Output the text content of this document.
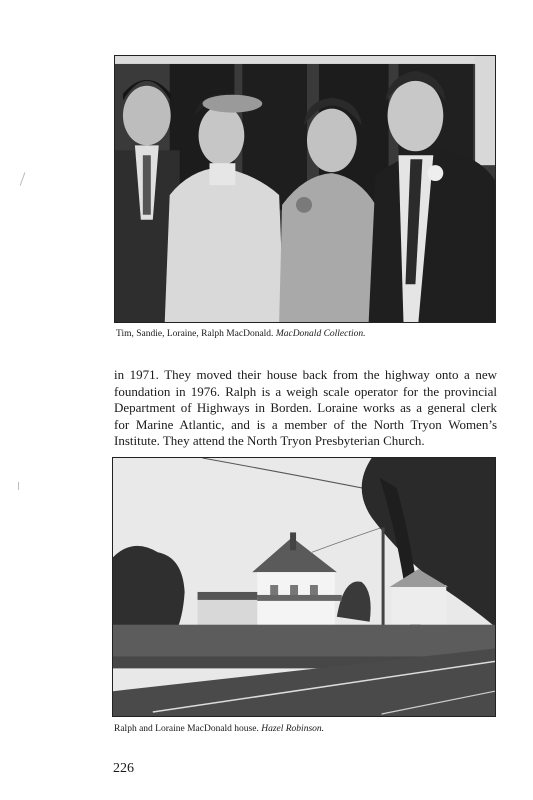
Tim, Sandie, Loraine, Ralph MacDonald. MacDonald Collection.
in 1971. They moved their house back from the highway onto a new
foundation in 1976. Ralph is a weigh scale operator for the provincial
Department of Highways in Borden. Loraine works as a general clerk
for Marine Atlantic, and is a member of the North Tryon Women’s
Institute. They attend the North Tryon Presbyterian Church.
Ralph and Loraine MacDonald house. Hazel Robinson.
226
